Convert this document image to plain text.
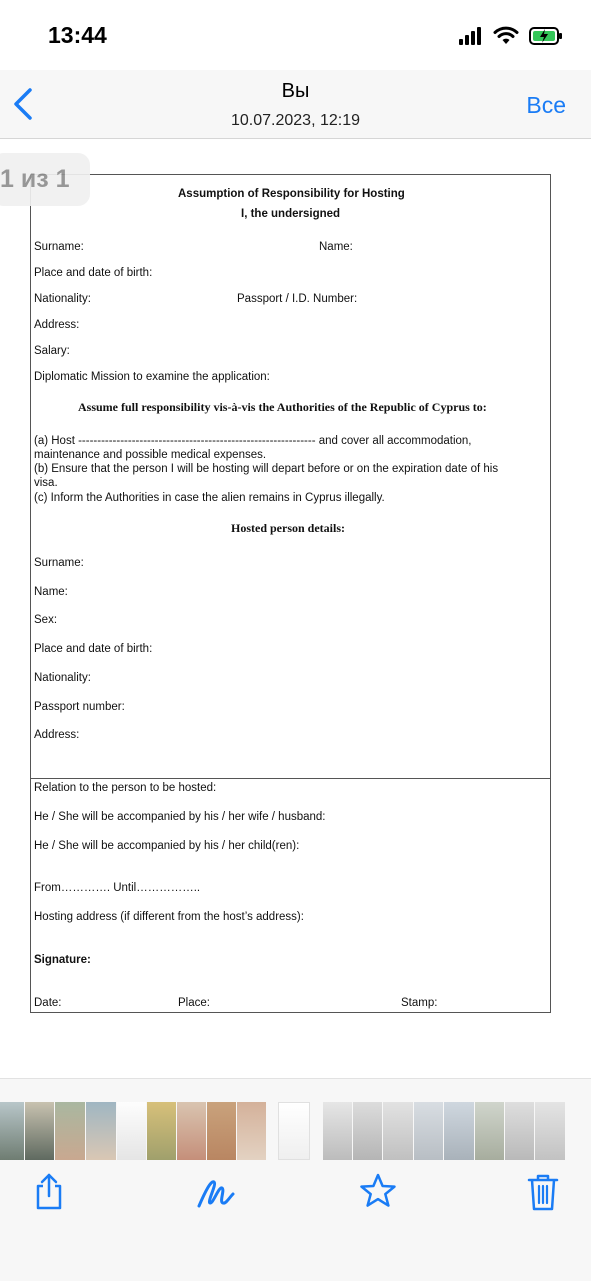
13:44
Вы
10.07.2023, 12:19
Все
Assumption of Responsibility for Hosting
I, the undersigned
Surname:	Name:
Place and date of birth:
Nationality:	Passport / I.D. Number:
Address:
Salary:
Diplomatic Mission to examine the application:
Assume full responsibility vis-à-vis the Authorities of the Republic of Cyprus to:
(a) Host -------------------------------------------------------------- and cover all accommodation,
maintenance and possible medical expenses.
(b) Ensure that the person I will be hosting will depart before or on the expiration date of his
visa.
(c) Inform the Authorities in case the alien remains in Cyprus illegally.
Hosted person details:
Surname:
Name:
Sex:
Place and date of birth:
Nationality:
Passport number:
Address:
Relation to the person to be hosted:
He / She will be accompanied by his / her wife / husband:
He / She will be accompanied by his / her child(ren):
From…………. Until……………..
Hosting address (if different from the host’s address):
Signature:
Date:	Place:	Stamp:
1 из 1
